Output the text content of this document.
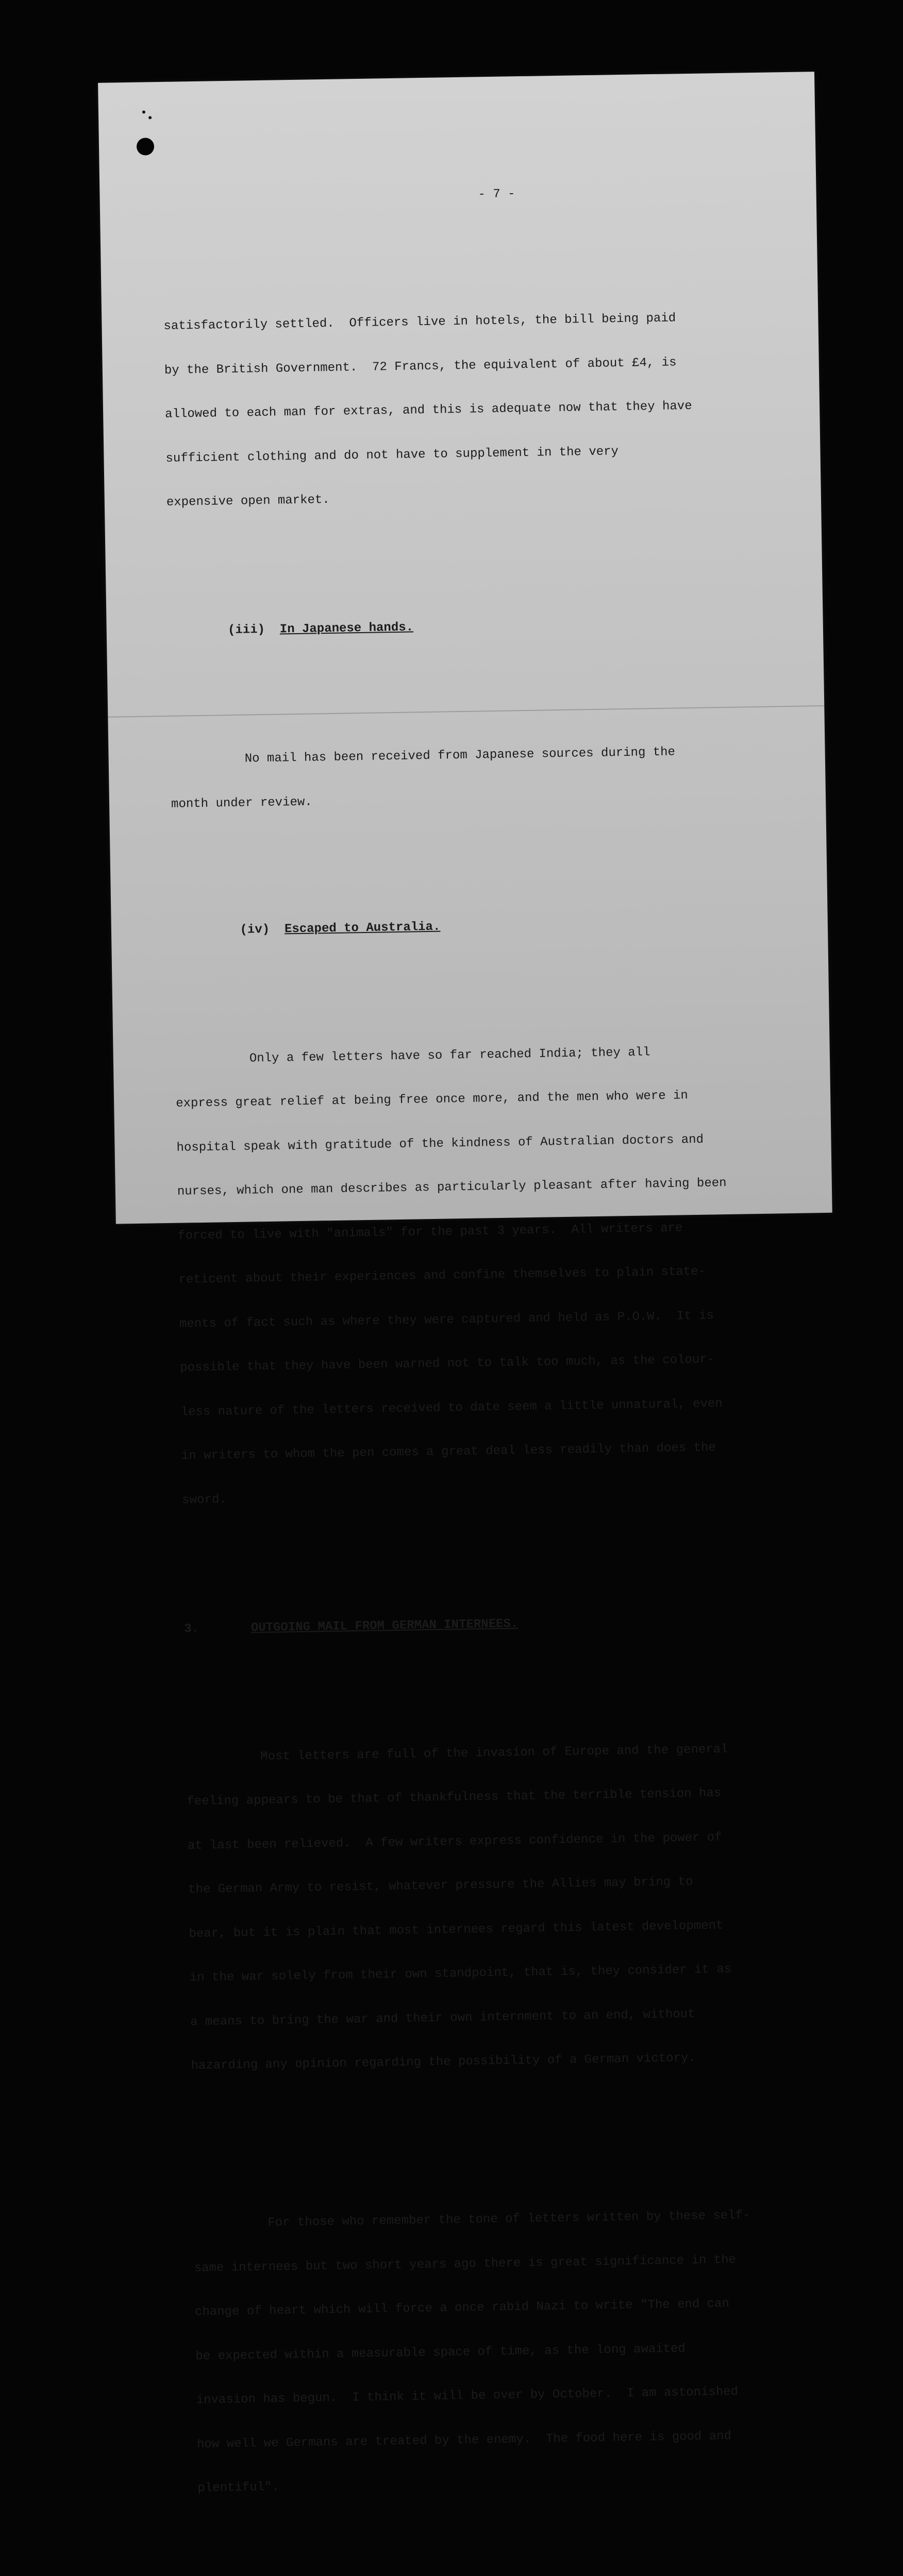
- 7 -

satisfactorily settled.  Officers live in hotels, the bill being paid

by the British Government.  72 Francs, the equivalent of about £4, is

allowed to each man for extras, and this is adequate now that they have

sufficient clothing and do not have to supplement in the very

expensive open market.

(iii) In Japanese hands.

No mail has been received from Japanese sources during the

month under review.

(iv) Escaped to Australia.

Only a few letters have so far reached India; they all

express great relief at being free once more, and the men who were in

hospital speak with gratitude of the kindness of Australian doctors and

nurses, which one man describes as particularly pleasant after having been

forced to live with "animals" for the past 3 years.  All writers are

reticent about their experiences and confine themselves to plain state-

ments of fact such as where they were captured and held as P.O.W.  It is

possible that they have been warned not to talk too much, as the colour-

less nature of the letters received to date seem a little unnatural, even

in writers to whom the pen comes a great deal less readily than does the

sword.

3.	OUTGOING MAIL FROM GERMAN INTERNEES.

Most letters are full of the invasion of Europe and the general

feeling appears to be that of thankfulness that the terrible tension has

at last been relieved.  A few writers express confidence in the power of

the German Army to resist, whatever pressure the Allies may bring to

bear, but it is plain that most internees regard this latest development

in the war solely from their own standpoint, that is, they consider it as

a means to bring the war and their own internment to an end, without

hazarding any opinion regarding the possibility of a German victory.

For those who remember the tone of letters written by these self-

same internees but two short years ago there is great significance in the

change of heart which will force a once rabid Nazi to write "The end can

be expected within a measurable space of time, as the long awaited

invasion has begun.  I think it will be over by October.  I am astonished

how well we Germans are treated by the enemy.  The food here is good and

plentiful".
